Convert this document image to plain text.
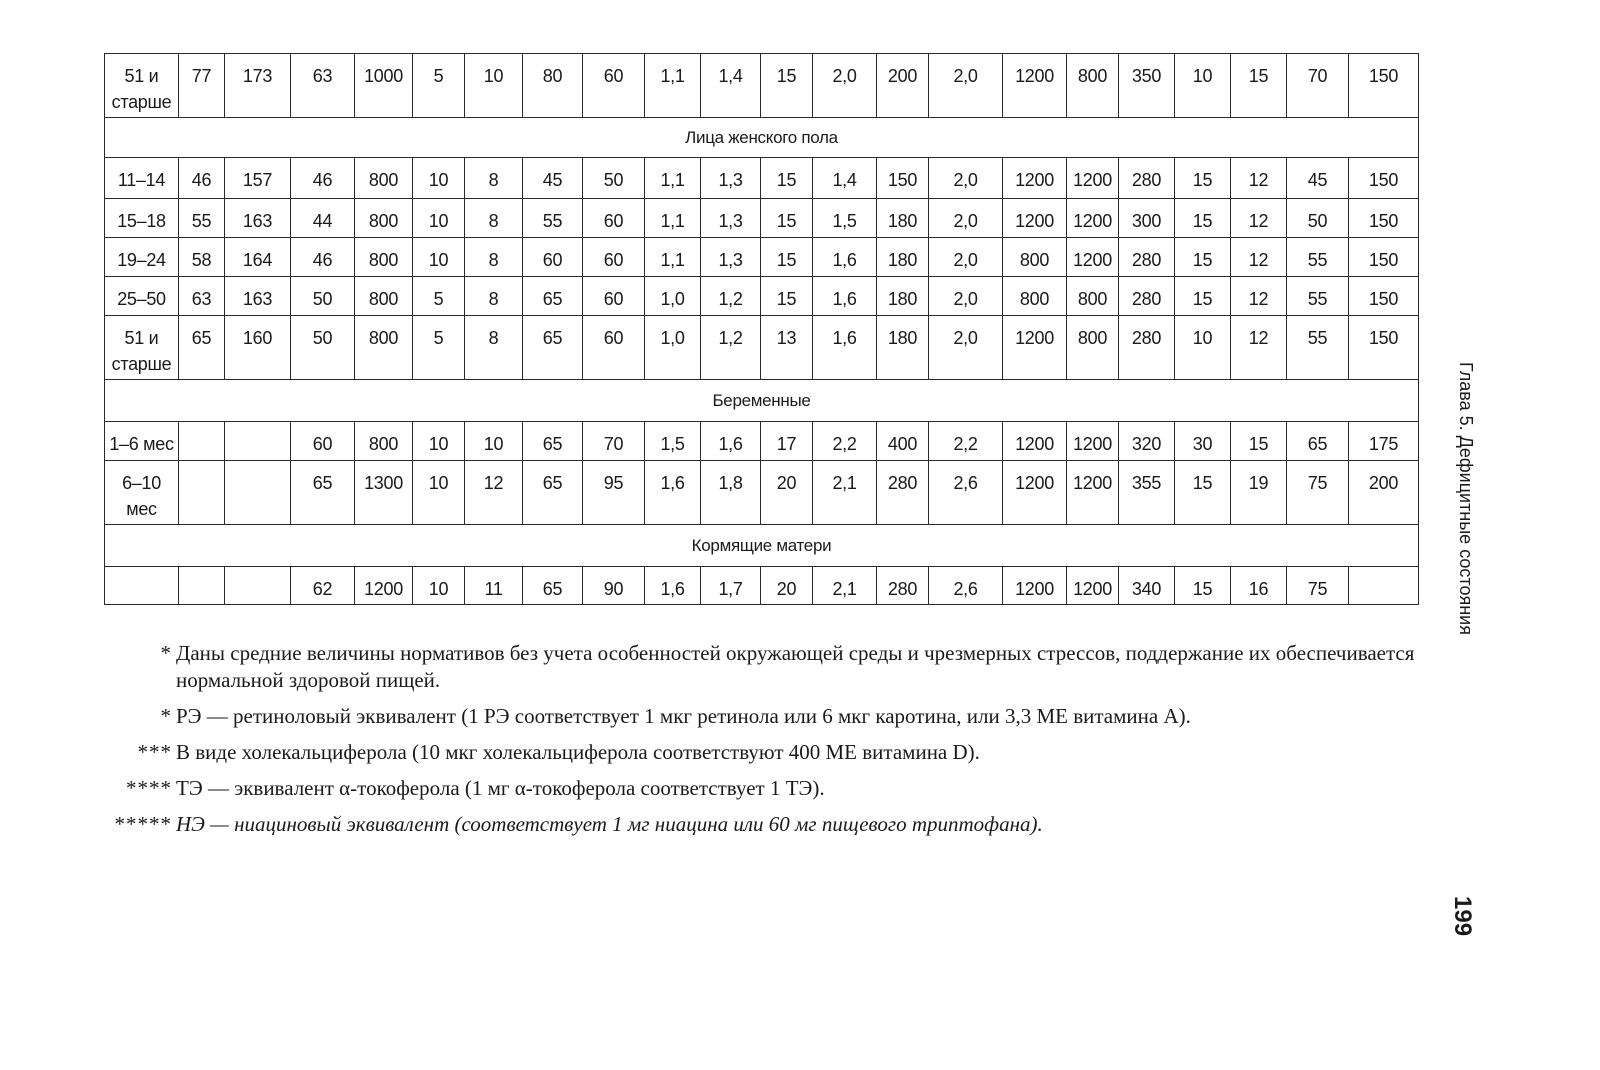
51 и старше	77	173	63	1000	5	10	80	60	1,1	1,4	15	2,0	200	2,0	1200	800	350	10	15	70	150
Лица женского пола																					
11–14	46	157	46	800	10	8	45	50	1,1	1,3	15	1,4	150	2,0	1200	1200	280	15	12	45	150
15–18	55	163	44	800	10	8	55	60	1,1	1,3	15	1,5	180	2,0	1200	1200	300	15	12	50	150
19–24	58	164	46	800	10	8	60	60	1,1	1,3	15	1,6	180	2,0	800	1200	280	15	12	55	150
25–50	63	163	50	800	5	8	65	60	1,0	1,2	15	1,6	180	2,0	800	800	280	15	12	55	150
51 и старше	65	160	50	800	5	8	65	60	1,0	1,2	13	1,6	180	2,0	1200	800	280	10	12	55	150
Беременные																					
1–6 мес			60	800	10	10	65	70	1,5	1,6	17	2,2	400	2,2	1200	1200	320	30	15	65	175
6–10 мес			65	1300	10	12	65	95	1,6	1,8	20	2,1	280	2,6	1200	1200	355	15	19	75	200
Кормящие матери																					
			62	1200	10	11	65	90	1,6	1,7	20	2,1	280	2,6	1200	1200	340	15	16	75	
* Даны средние величины нормативов без учета особенностей окружающей среды и чрезмерных стрессов, поддержание их обеспечивается нормальной здоровой пищей.
* РЭ — ретиноловый эквивалент (1 РЭ соответствует 1 мкг ретинола или 6 мкг каротина, или 3,3 МЕ витамина А).
*** В виде холекальциферола (10 мкг холекальциферола соответствуют 400 МЕ витамина D).
**** ТЭ — эквивалент α-токоферола (1 мг α-токоферола соответствует 1 ТЭ).
***** НЭ — ниациновый эквивалент (соответствует 1 мг ниацина или 60 мг пищевого триптофана).
Глава 5. Дефицитные состояния
199
